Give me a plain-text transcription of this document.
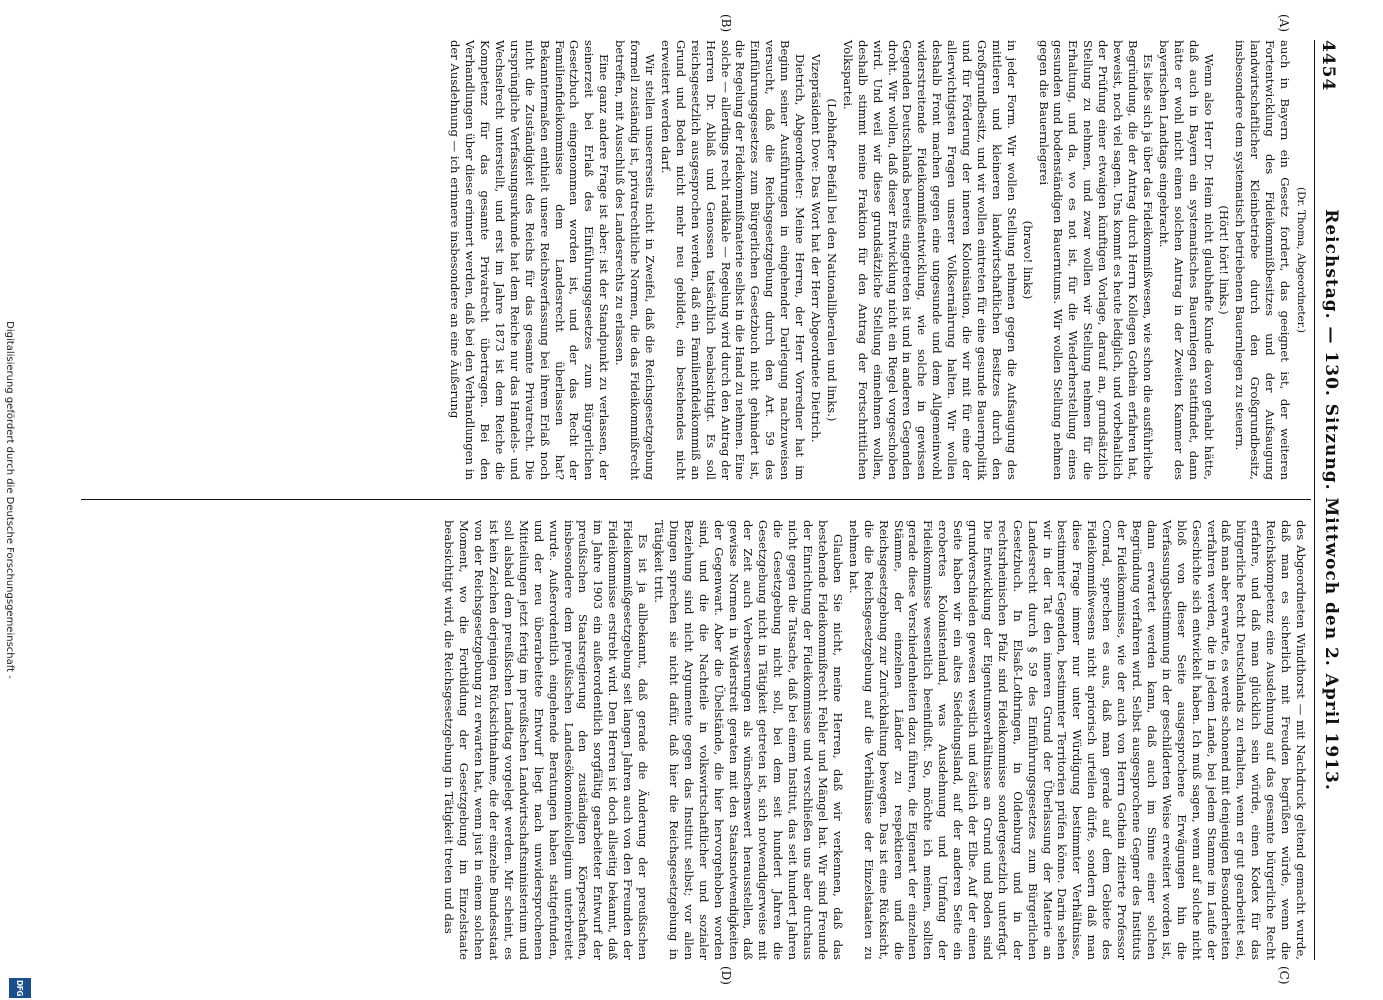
4454
Reichstag. — 130. Sitzung. Mittwoch den 2. April 1913.
(A)
(B)
(C)
(D)

(Dr. Thoma, Abgeordneter.)

auch in Bayern ein Gesetz fordert, das geeignet ist, der weiteren Fortentwicklung des Fideikommißbesitzes und der Aufsaugung landwirtschaftlicher Kleinbetriebe durch den Großgrundbesitz, insbesondere dem systematisch betriebenen Bauernlegen zu steuern.

(Hört! hört! links.)

Wenn also Herr Dr. Heim nicht glaubhafte Kunde davon gehabt hätte, daß auch in Bayern ein systematisches Bauernlegen stattfindet, dann hätte er wohl nicht einen solchen Antrag in der Zweiten Kammer des bayerischen Landtags eingebracht.

Es ließe sich ja über das Fideikommißwesen, wie schon die ausführliche Begründung, die der Antrag durch Herrn Kollegen Gothein erfahren hat, beweist, noch viel sagen. Uns kommt es heute lediglich, und vorbehaltlich der Prüfung einer etwaigen künftigen Vorlage, darauf an, grundsätzlich Stellung zu nehmen, und zwar wollen wir Stellung nehmen für die Erhaltung, und da, wo es not ist, für die Wiederherstellung eines gesunden und bodenständigen Bauerntums. Wir wollen Stellung nehmen gegen die Bauernlegerei

(bravo! links)

in jeder Form. Wir wollen Stellung nehmen gegen die Aufsaugung des mittleren und kleineren landwirtschaftlichen Besitzes durch den Großgrundbesitz, und wir wollen eintreten für eine gesunde Bauernpolitik und für Förderung der inneren Kolonisation, die wir mit für eine der allerwichtigsten Fragen unserer Volksernährung halten. Wir wollen deshalb Front machen gegen eine ungesunde und dem Allgemeinwohl widerstreitende Fideikommißentwicklung, wie solche in gewissen Gegenden Deutschlands bereits eingetreten ist und in anderen Gegenden droht. Wir wollen, daß dieser Entwicklung nicht ein Riegel vorgeschoben wird. Und weil wir diese grundsätzliche Stellung einnehmen wollen, deshalb stimmt meine Fraktion für den Antrag der Fortschrittlichen Volkspartei.

(Lebhafter Beifall bei den Nationalliberalen und links.)

Vizepräsident Dove: Das Wort hat der Herr Abgeordnete Dietrich.

Dietrich, Abgeordneter: Meine Herren, der Herr Vorredner hat im Beginn seiner Ausführungen in eingehender Darlegung nachzuweisen versucht, daß die Reichsgesetzgebung durch den Art. 59 des Einführungsgesetzes zum Bürgerlichen Gesetzbuch nicht gehindert ist, die Regelung der Fideikommißmaterie selbst in die Hand zu nehmen. Eine solche — allerdings recht radikale — Regelung wird durch den Antrag der Herren Dr. Ablaß und Genossen tatsächlich beabsichtigt. Es soll reichsgesetzlich ausgesprochen werden, daß ein Familienfideikommiß an Grund und Boden nicht mehr neu gebildet, ein bestehendes nicht erweitert werden darf.

Wir stellen unsererseits nicht in Zweifel, daß die Reichsgesetzgebung formell zuständig ist, privatrechtliche Normen, die das Fideikommißrecht betreffen, mit Ausschluß des Landesrechts zu erlassen.

Eine ganz andere Frage ist aber: ist der Standpunkt zu verlassen, der seinerzeit bei Erlaß des Einführungsgesetzes zum Bürgerlichen Gesetzbuch eingenommen worden ist, und der das Recht der Familienfideikommisse dem Landesrecht überlassen hat? Bekanntermaßen enthielt unsere Reichsverfassung bei ihrem Erlaß noch nicht die Zuständigkeit des Reichs für das gesamte Privatrecht. Die ursprüngliche Verfassungsurkunde hat dem Reiche nur das Handels- und Wechselrecht unterstellt, und erst im Jahre 1873 ist dem Reiche die Kompetenz für das gesamte Privatrecht übertragen. Bei den Verhandlungen über diese erinnert werden, daß bei den Verhandlungen in der Ausdehnung — ich erinnere insbesondere an eine Äußerung

des Abgeordneten Windthorst — mit Nachdruck geltend gemacht wurde, daß man es sicherlich mit Freuden begrüßen würde, wenn die Reichskompetenz eine Ausdehnung auf das gesamte bürgerliche Recht erfahre, und daß man glücklich sein würde, einen Kodex für das bürgerliche Recht Deutschlands zu erhalten, wenn er gut gearbeitet sei, daß man aber erwarte, es werde schonend mit denjenigen Besonderheiten verfahren werden, die in jedem Lande, bei jedem Stamme im Laufe der Geschichte sich entwickelt haben. Ich muß sagen, wenn auf solche nicht bloß von dieser Seite ausgesprochene Erwägungen hin die Verfassungsbestimmung in der geschilderten Weise erweitert worden ist, dann erwartet werden kann, daß auch im Sinne einer solchen Begründung verfahren wird. Selbst ausgesprochene Gegner des Instituts der Fideikommisse, wie der auch von Herrn Gothein zitierte Professor Conrad, sprechen es aus, daß man gerade auf dem Gebiete des Fideikommißwesens nicht apriorisch urteilen dürfe, sondern daß man diese Frage immer nur unter Würdigung bestimmter Verhältnisse, bestimmter Gegenden, bestimmter Territorien prüfen könne. Darin sehen wir in der Tat den inneren Grund der Überlassung der Materie an Landesrecht durch § 59 des Einführungsgesetzes zum Bürgerlichen Gesetzbuch. In Elsaß-Lothringen, in Oldenburg und in der rechtsrheinischen Pfalz sind Fideikommisse sondergesetzlich unterfagt. Die Entwicklung der Eigentumsverhältnisse an Grund und Boden sind grundverschieden gewesen westlich und östlich der Elbe. Auf der einen Seite haben wir ein altes Siedelungsland, auf der anderen Seite ein erobertes Kolonistenland, was Ausdehnung und Umfang der Fideikommisse wesentlich beeinflußt. So, möchte ich meinen, sollten gerade diese Verschiedenheiten dazu führen, die Eigenart der einzelnen Stämme, der einzelnen Länder zu respektieren und die Reichsgesetzgebung zur Zurückhaltung bewegen. Das ist eine Rücksicht, die die Reichsgesetzgebung auf die Verhältnisse der Einzelstaaten zu nehmen hat.

Glauben Sie nicht, meine Herren, daß wir verkennen, daß das bestehende Fideikommißrecht Fehler und Mängel hat. Wir sind Freunde der Einrichtung der Fideikommisse und verschließen uns aber durchaus nicht gegen die Tatsache, daß bei einem Institut, das seit hundert Jahren die Gesetzgebung nicht soll, bei dem seit hundert Jahren die Gesetzgebung nicht in Tätigkeit getreten ist, sich notwendigerweise mit der Zeit auch Verbesserungen als wünschenswert herausstellen, daß gewisse Normen in Widerstreit geraten mit den Staatsnotwendigkeiten der Gegenwart. Aber die Übelstände, die hier hervorgehoben worden sind, und die die Nachteile in volkswirtschaftlicher und sozialer Beziehung sind nicht Argumente gegen das Institut selbst; vor allen Dingen sprechen sie nicht dafür, daß hier die Reichsgesetzgebung in Tätigkeit tritt.

Es ist ja allbekannt, daß gerade die Änderung der preußischen Fideikommißgesetzgebung seit langen Jahren auch von den Freunden der Fideikommisse erstrebt wird. Den Herren ist doch allseitig bekannt, daß im Jahre 1903 ein außerordentlich sorgfältig gearbeiteter Entwurf der preußischen Staatsregierung den zuständigen Körperschaften, insbesondere dem preußischen Landesökonomiekollegium unterbreitet wurde. Außerordentlich eingehende Beratungen haben stattgefunden, und der neu überarbeitete Entwurf liegt nach unwidersprochenen Mitteilungen jetzt fertig im preußischen Landwirtschaftsministerium und soll alsbald dem preußischen Landtag vorgelegt werden. Mir scheint, es ist kein Zeichen derjenigen Rücksichtnahme, die der einzelne Bundesstaat von der Reichsgesetzgebung zu erwarten hat, wenn just in einem solchen Moment, wo die Fortbildung der Gesetzgebung im Einzelstaate beabsichtigt wird, die Reichsgesetzgebung in Tätigkeit treten und das

Digitalisierung gefördert durch die Deutsche Forschungsgemeinschaft -
DFG
